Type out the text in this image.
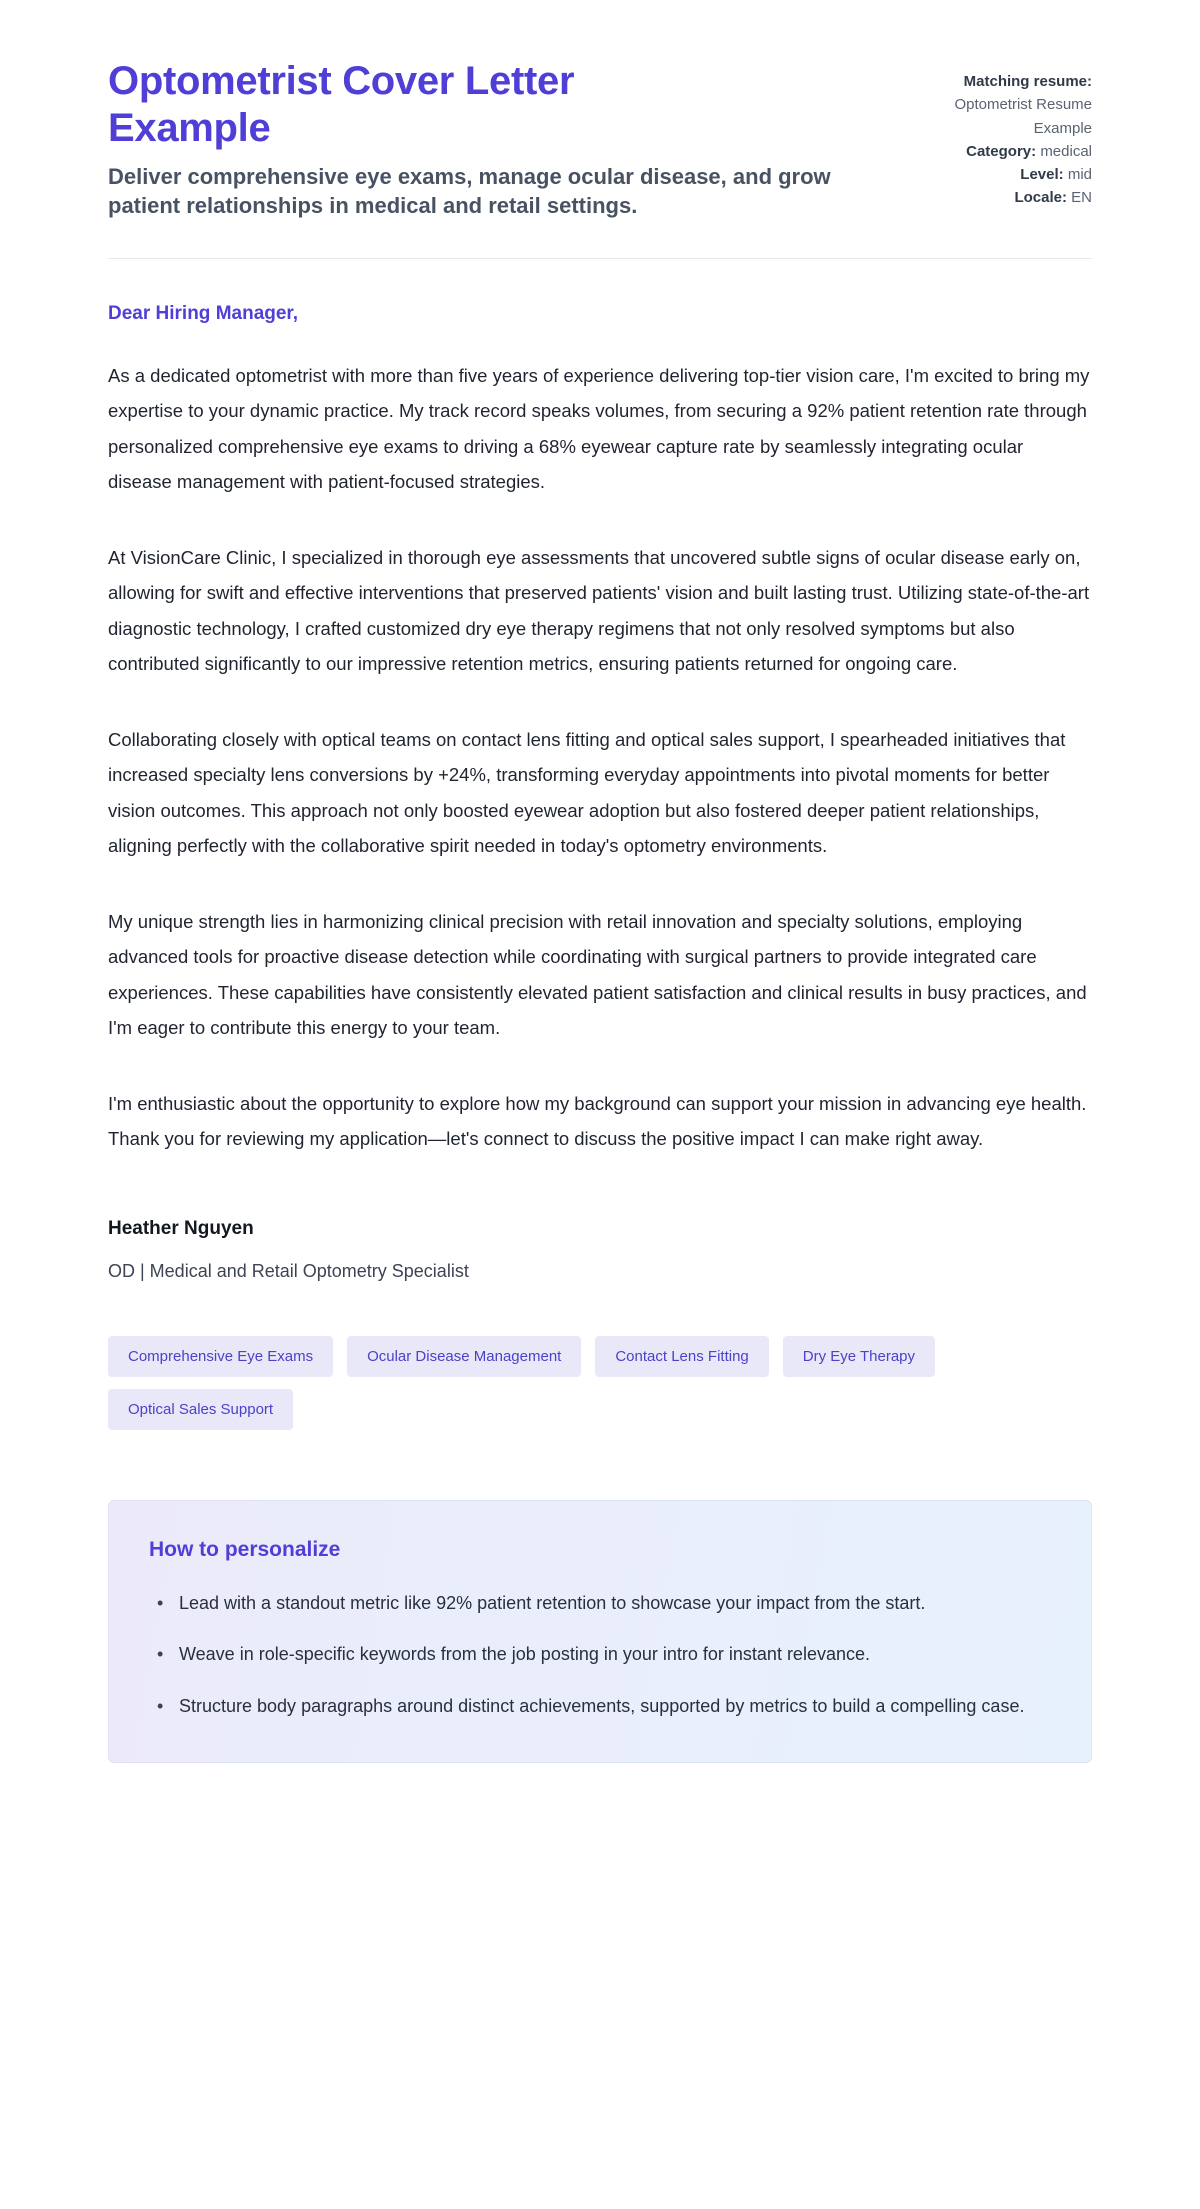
Optometrist Cover Letter Example

Deliver comprehensive eye exams, manage ocular disease, and grow patient relationships in medical and retail settings.

Matching resume:
Optometrist Resume Example
Category: medical
Level: mid
Locale: EN

Dear Hiring Manager,

As a dedicated optometrist with more than five years of experience delivering top-tier vision care, I'm excited to bring my expertise to your dynamic practice. My track record speaks volumes, from securing a 92% patient retention rate through personalized comprehensive eye exams to driving a 68% eyewear capture rate by seamlessly integrating ocular disease management with patient-focused strategies.

At VisionCare Clinic, I specialized in thorough eye assessments that uncovered subtle signs of ocular disease early on, allowing for swift and effective interventions that preserved patients' vision and built lasting trust. Utilizing state-of-the-art diagnostic technology, I crafted customized dry eye therapy regimens that not only resolved symptoms but also contributed significantly to our impressive retention metrics, ensuring patients returned for ongoing care.

Collaborating closely with optical teams on contact lens fitting and optical sales support, I spearheaded initiatives that increased specialty lens conversions by +24%, transforming everyday appointments into pivotal moments for better vision outcomes. This approach not only boosted eyewear adoption but also fostered deeper patient relationships, aligning perfectly with the collaborative spirit needed in today's optometry environments.

My unique strength lies in harmonizing clinical precision with retail innovation and specialty solutions, employing advanced tools for proactive disease detection while coordinating with surgical partners to provide integrated care experiences. These capabilities have consistently elevated patient satisfaction and clinical results in busy practices, and I'm eager to contribute this energy to your team.

I'm enthusiastic about the opportunity to explore how my background can support your mission in advancing eye health. Thank you for reviewing my application—let's connect to discuss the positive impact I can make right away.

Heather Nguyen

OD | Medical and Retail Optometry Specialist

Comprehensive Eye Exams	Ocular Disease Management	Contact Lens Fitting	Dry Eye Therapy
Optical Sales Support
How to personalize
• Lead with a standout metric like 92% patient retention to showcase your impact from the start.
• Weave in role-specific keywords from the job posting in your intro for instant relevance.
• Structure body paragraphs around distinct achievements, supported by metrics to build a compelling case.
